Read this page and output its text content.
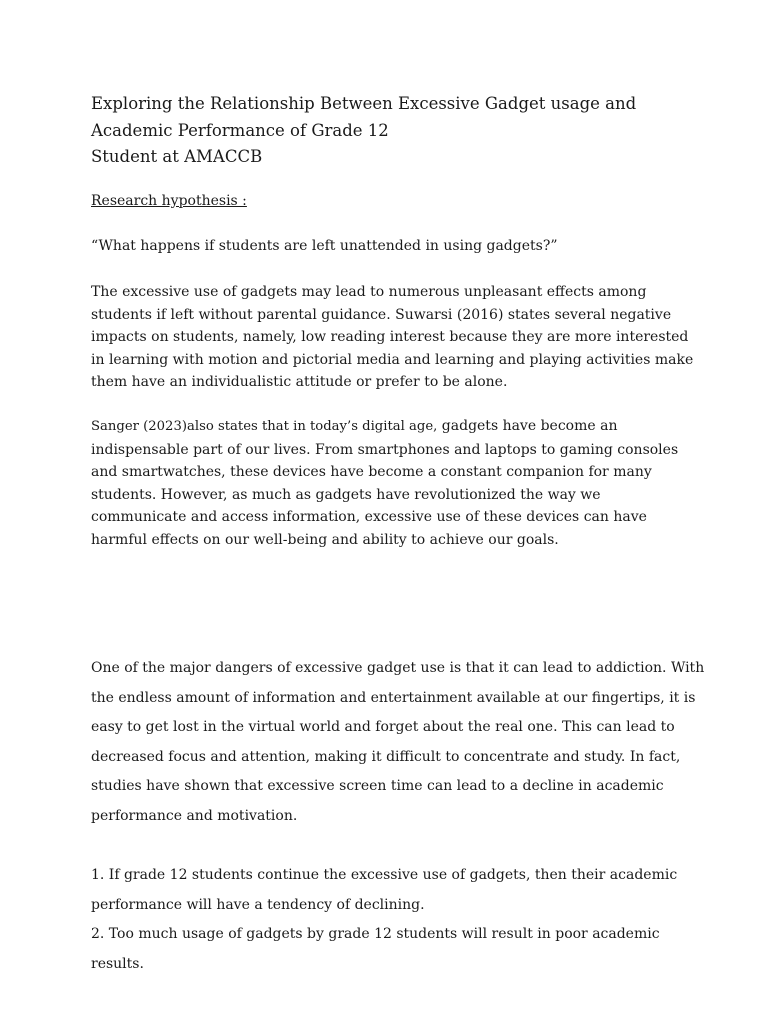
Exploring the Relationship Between Excessive Gadget usage and
Academic Performance of Grade 12
Student at AMACCB

Research hypothesis :

“What happens if students are left unattended in using gadgets?”

The excessive use of gadgets may lead to numerous unpleasant effects among
students if left without parental guidance. Suwarsi (2016) states several negative
impacts on students, namely, low reading interest because they are more interested
in learning with motion and pictorial media and learning and playing activities make
them have an individualistic attitude or prefer to be alone.

Sanger (2023)also states that in today’s digital age, gadgets have become an
indispensable part of our lives. From smartphones and laptops to gaming consoles
and smartwatches, these devices have become a constant companion for many
students. However, as much as gadgets have revolutionized the way we
communicate and access information, excessive use of these devices can have
harmful effects on our well-being and ability to achieve our goals.

One of the major dangers of excessive gadget use is that it can lead to addiction. With
the endless amount of information and entertainment available at our fingertips, it is
easy to get lost in the virtual world and forget about the real one. This can lead to
decreased focus and attention, making it difficult to concentrate and study. In fact,
studies have shown that excessive screen time can lead to a decline in academic
performance and motivation.

1. If grade 12 students continue the excessive use of gadgets, then their academic
performance will have a tendency of declining.
2. Too much usage of gadgets by grade 12 students will result in poor academic
results.
